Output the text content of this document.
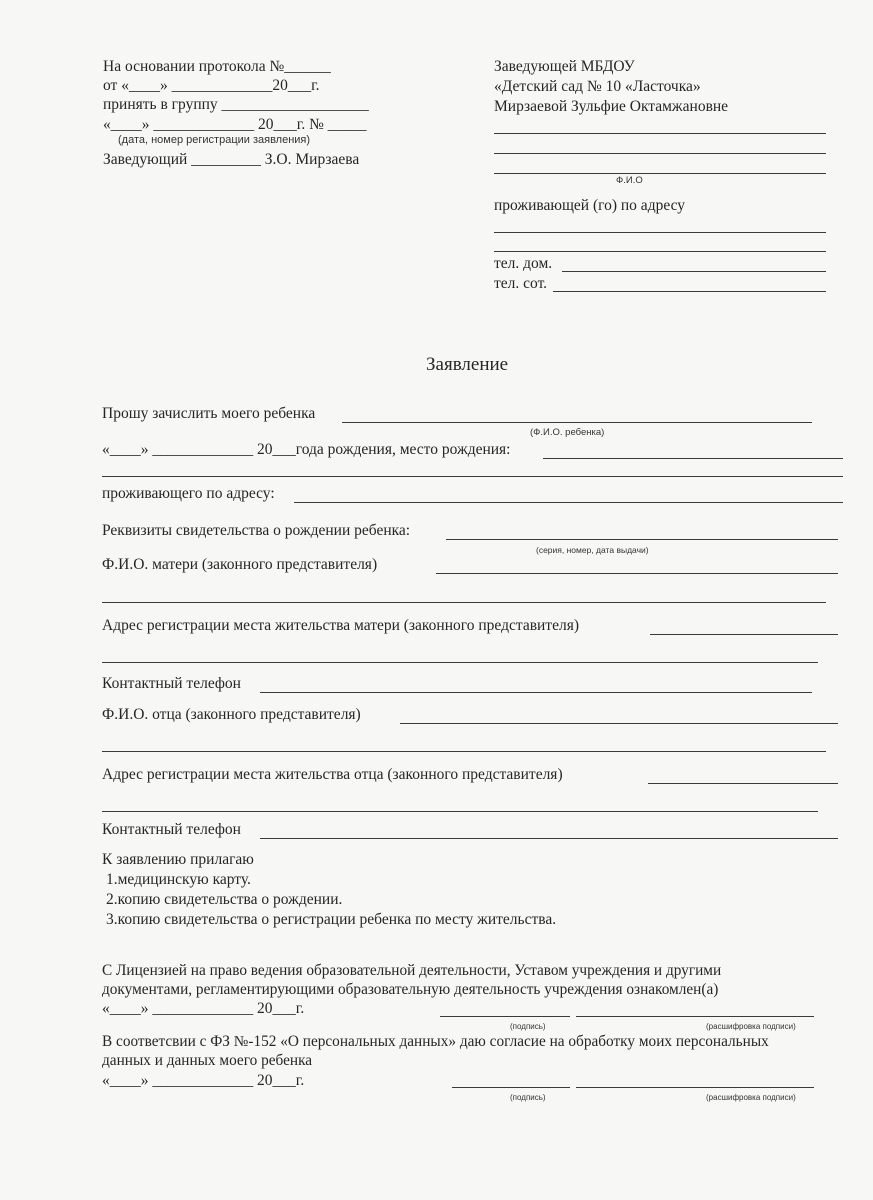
На основании протокола №______
от «____» _____________20___г.
принять в группу ___________________
«____» _____________ 20___г. № _____
(дата, номер регистрации заявления)
Заведующий _________ З.О. Мирзаева
Заведующей МБДОУ
«Детский сад № 10 «Ласточка»
Мирзаевой Зульфие Октамжановне
Ф.И.О
проживающей (го) по адресу
тел. дом.
тел. сот.
Заявление
Прошу зачислить моего ребенка
(Ф.И.О. ребенка)
«____» _____________ 20___года рождения, место рождения:
проживающего по адресу:
Реквизиты свидетельства о рождении ребенка:
(серия, номер, дата выдачи)
Ф.И.О. матери (законного представителя)
Адрес регистрации места жительства матери (законного представителя)
Контактный телефон
Ф.И.О. отца (законного представителя)
Адрес регистрации места жительства отца (законного представителя)
Контактный телефон
К заявлению прилагаю
1.медицинскую карту.
2.копию свидетельства о рождении.
3.копию свидетельства о регистрации ребенка по месту жительства.
С Лицензией на право ведения образовательной деятельности, Уставом учреждения и другими
документами, регламентирующими образовательную деятельность учреждения ознакомлен(а)
«____» _____________ 20___г.
(подпись)	(расшифровка подписи)
В соответсвии с ФЗ №-152 «О персональных данных» даю согласие на обработку моих персональных
данных и данных моего ребенка
«____» _____________ 20___г.
(подпись)	(расшифровка подписи)
